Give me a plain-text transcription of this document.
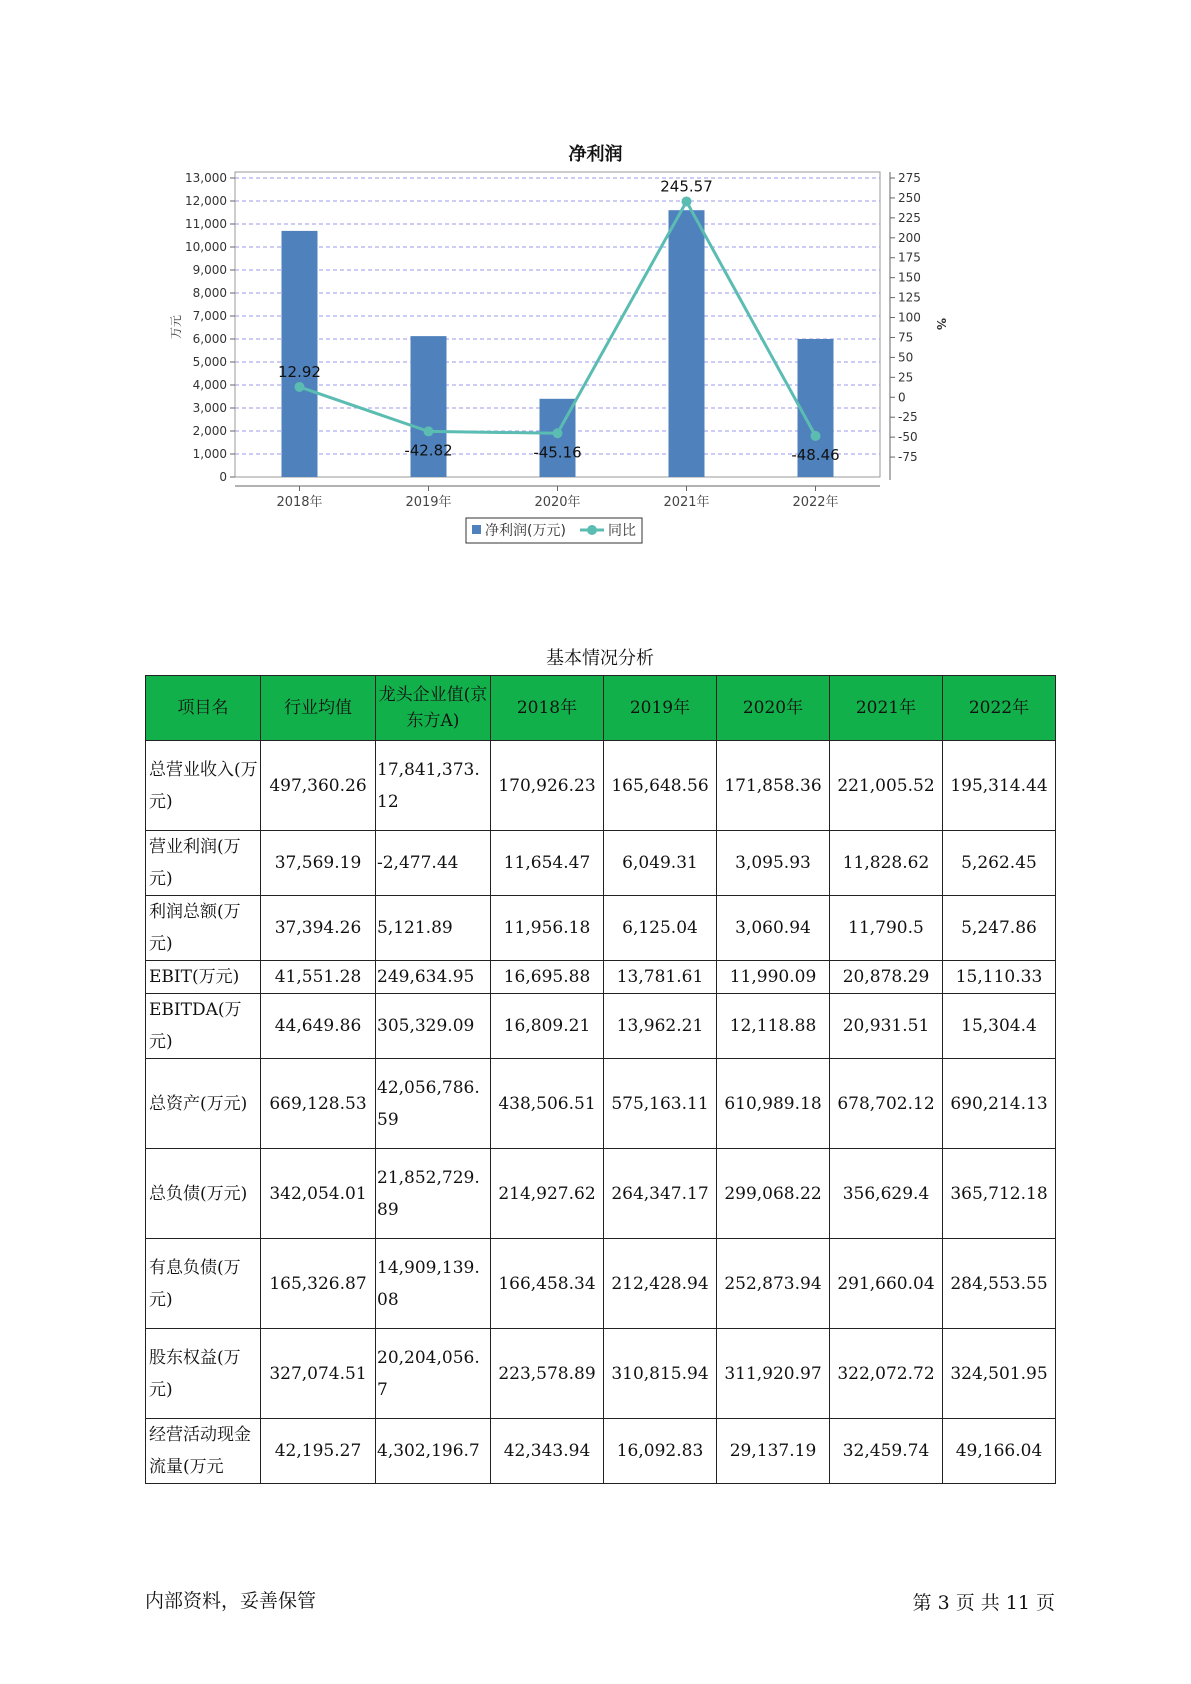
净利润
0
1,000
2,000
3,000
4,000
5,000
6,000
7,000
8,000
9,000
10,000
11,000
12,000
13,000
-75
-50
-25
0
25
50
75
100
125
150
175
200
225
250
275
万元	%
2018年	2019年	2020年	2021年	2022年
12.92
-42.82	-45.16
245.57
-48.46
净利润(万元)	同比
基本情况分析
项目名	行业均值	龙头企业值(京东方A)	2018年	2019年	2020年	2021年	2022年
总营业收入(万元)	497,360.26	17,841,373.12	170,926.23	165,648.56	171,858.36	221,005.52	195,314.44
营业利润(万元)	37,569.19	-2,477.44	11,654.47	6,049.31	3,095.93	11,828.62	5,262.45
利润总额(万元)	37,394.26	5,121.89	11,956.18	6,125.04	3,060.94	11,790.5	5,247.86
EBIT(万元)	41,551.28	249,634.95	16,695.88	13,781.61	11,990.09	20,878.29	15,110.33
EBITDA(万元)	44,649.86	305,329.09	16,809.21	13,962.21	12,118.88	20,931.51	15,304.4
总资产(万元)	669,128.53	42,056,786.59	438,506.51	575,163.11	610,989.18	678,702.12	690,214.13
总负债(万元)	342,054.01	21,852,729.89	214,927.62	264,347.17	299,068.22	356,629.4	365,712.18
有息负债(万元)	165,326.87	14,909,139.08	166,458.34	212,428.94	252,873.94	291,660.04	284,553.55
股东权益(万元)	327,074.51	20,204,056.7	223,578.89	310,815.94	311,920.97	322,072.72	324,501.95
经营活动现金流量(万元	42,195.27	4,302,196.7	42,343.94	16,092.83	29,137.19	32,459.74	49,166.04
内部资料，妥善保管	第 3 页 共 11 页
